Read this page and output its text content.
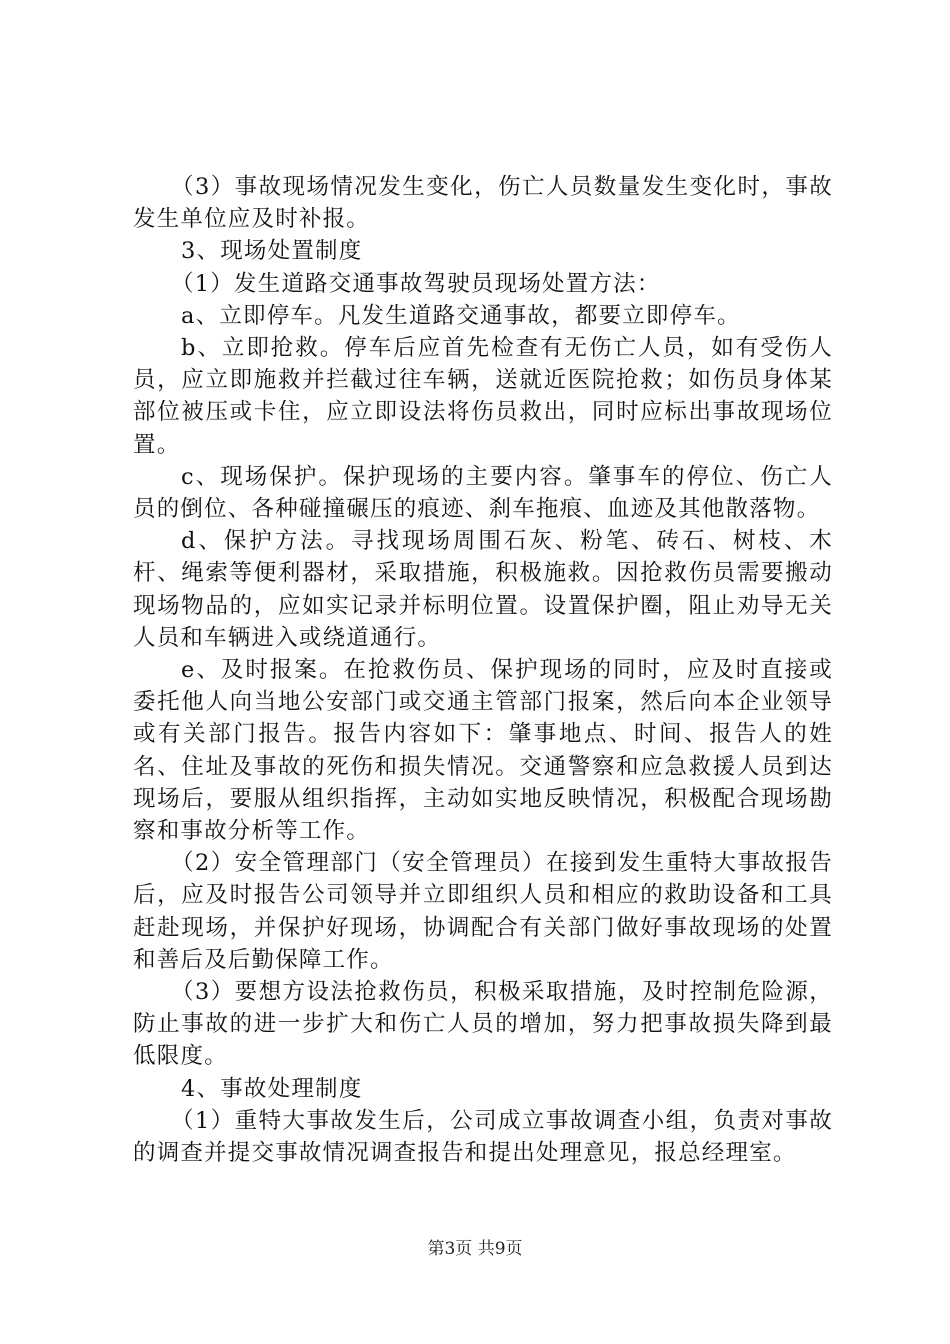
（3）事故现场情况发生变化，伤亡人员数量发生变化时，事故发生单位应及时补报。

3、现场处置制度

（1）发生道路交通事故驾驶员现场处置方法：

a、立即停车。凡发生道路交通事故，都要立即停车。

b、立即抢救。停车后应首先检查有无伤亡人员，如有受伤人员，应立即施救并拦截过往车辆，送就近医院抢救；如伤员身体某部位被压或卡住，应立即设法将伤员救出，同时应标出事故现场位置。

c、现场保护。保护现场的主要内容。肇事车的停位、伤亡人员的倒位、各种碰撞碾压的痕迹、刹车拖痕、血迹及其他散落物。

d、保护方法。寻找现场周围石灰、粉笔、砖石、树枝、木杆、绳索等便利器材，采取措施，积极施救。因抢救伤员需要搬动现场物品的，应如实记录并标明位置。设置保护圈，阻止劝导无关人员和车辆进入或绕道通行。

e、及时报案。在抢救伤员、保护现场的同时，应及时直接或委托他人向当地公安部门或交通主管部门报案，然后向本企业领导或有关部门报告。报告内容如下：肇事地点、时间、报告人的姓名、住址及事故的死伤和损失情况。交通警察和应急救援人员到达现场后，要服从组织指挥，主动如实地反映情况，积极配合现场勘察和事故分析等工作。

（2）安全管理部门（安全管理员）在接到发生重特大事故报告后，应及时报告公司领导并立即组织人员和相应的救助设备和工具赶赴现场，并保护好现场，协调配合有关部门做好事故现场的处置和善后及后勤保障工作。

（3）要想方设法抢救伤员，积极采取措施，及时控制危险源，防止事故的进一步扩大和伤亡人员的增加，努力把事故损失降到最低限度。

4、事故处理制度

（1）重特大事故发生后，公司成立事故调查小组，负责对事故的调查并提交事故情况调查报告和提出处理意见，报总经理室。

第3页 共9页
